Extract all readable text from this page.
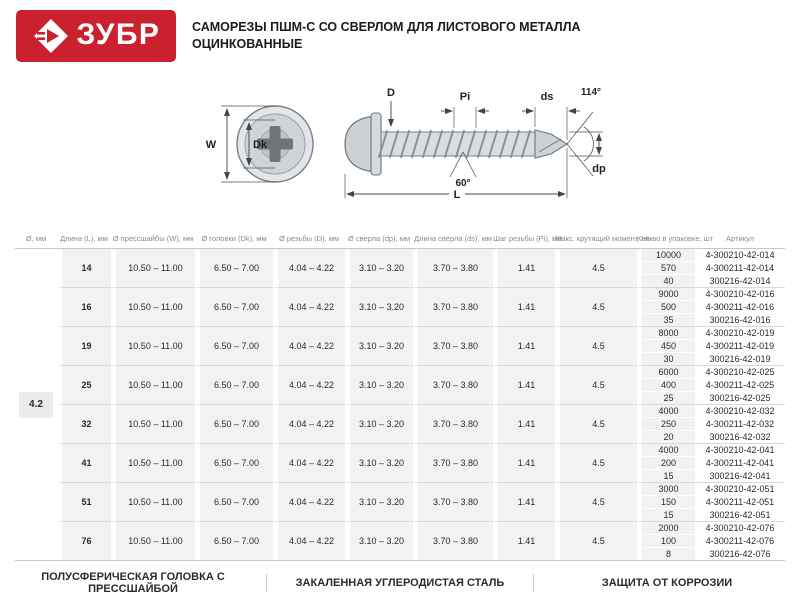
ЗУБР	САМОРЕЗЫ ПШМ-С СО СВЕРЛОМ ДЛЯ ЛИСТОВОГО МЕТАЛЛА
ОЦИНКОВАННЫЕ
W	Dk
D	Pi	ds	114°
dp
60°
L
Ø, мм	Длина (L), мм	Ø прессшайбы (W), мм	Ø головки (Dk), мм	Ø резьбы (D), мм	Ø сверла (dp), мм	Длина сверла (ds), мм	Шаг резьбы (Pi), мм	Макс. крутящий момент, Нм	Кол-во в упаковке, шт	Артикул
4.2	14	10.50 – 11.00	6.50 – 7.00	4.04 – 4.22	3.10 – 3.20	3.70 – 3.80	1.41	4.5	10000	4-300210-42-014
									570	4-300211-42-014
									40	300216-42-014
	16	10.50 – 11.00	6.50 – 7.00	4.04 – 4.22	3.10 – 3.20	3.70 – 3.80	1.41	4.5	9000	4-300210-42-016
									500	4-300211-42-016
									35	300216-42-016
	19	10.50 – 11.00	6.50 – 7.00	4.04 – 4.22	3.10 – 3.20	3.70 – 3.80	1.41	4.5	8000	4-300210-42-019
									450	4-300211-42-019
									30	300216-42-019
	25	10.50 – 11.00	6.50 – 7.00	4.04 – 4.22	3.10 – 3.20	3.70 – 3.80	1.41	4.5	6000	4-300210-42-025
									400	4-300211-42-025
									25	300216-42-025
	32	10.50 – 11.00	6.50 – 7.00	4.04 – 4.22	3.10 – 3.20	3.70 – 3.80	1.41	4.5	4000	4-300210-42-032
									250	4-300211-42-032
									20	300216-42-032
	41	10.50 – 11.00	6.50 – 7.00	4.04 – 4.22	3.10 – 3.20	3.70 – 3.80	1.41	4.5	4000	4-300210-42-041
									200	4-300211-42-041
									15	300216-42-041
	51	10.50 – 11.00	6.50 – 7.00	4.04 – 4.22	3.10 – 3.20	3.70 – 3.80	1.41	4.5	3000	4-300210-42-051
									150	4-300211-42-051
									15	300216-42-051
	76	10.50 – 11.00	6.50 – 7.00	4.04 – 4.22	3.10 – 3.20	3.70 – 3.80	1.41	4.5	2000	4-300210-42-076
									100	4-300211-42-076
									8	300216-42-076
ПОЛУСФЕРИЧЕСКАЯ ГОЛОВКА С ПРЕССШАЙБОЙ	ЗАКАЛЕННАЯ УГЛЕРОДИСТАЯ СТАЛЬ	ЗАЩИТА ОТ КОРРОЗИИ
